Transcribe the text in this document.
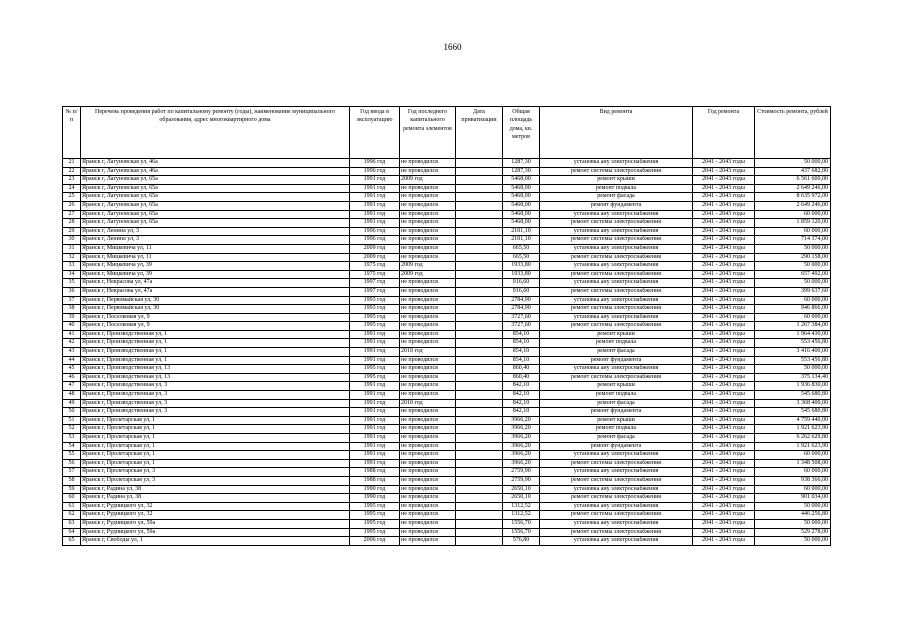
1660
№ п/п	Перечень проведения работ по капитальному ремонту (годы), наименование муниципального образования, адрес многоквартирного дома	Год ввода в эксплуатацию	Год последнего капитального ремонта элементов	Дата приватизации	Общая площадь дома, кв. метров	Вид ремонта	Год ремонта	Стоимость ремонта, рублей
21	Яранск г, Лагуновская ул, 46а	1996 год	не проводился		1287,30	установка аиу электроснабжения	2041 - 2043 годы	50 000,00
22	Яранск г, Лагуновская ул, 46а	1996 год	не проводился		1287,30	ремонт системы электроснабжения	2041 - 2043 годы	437 682,00
23	Яранск г, Лагуновская ул, 65а	1991 год	2009 год		5468,00	ремонт крыши	2041 - 2043 годы	6 561 600,00
24	Яранск г, Лагуновская ул, 65а	1991 год	не проводился		5468,00	ремонт подвала	2041 - 2043 годы	2 649 246,00
25	Яранск г, Лагуновская ул, 65а	1991 год	не проводился		5468,00	ремонт фасада	2041 - 2043 годы	8 635 972,00
26	Яранск г, Лагуновская ул, 65а	1991 год	не проводился		5468,00	ремонт фундамента	2041 - 2043 годы	2 649 246,00
27	Яранск г, Лагуновская ул, 65а	1991 год	не проводился		5468,00	установка аиу электроснабжения	2041 - 2043 годы	60 000,00
28	Яранск г, Лагуновская ул, 65а	1991 год	не проводился		5468,00	ремонт системы электроснабжения	2041 - 2043 годы	1 859 120,00
29	Яранск г, Ленина ул, 3	1996 год	не проводился		2101,10	установка аиу электроснабжения	2041 - 2043 годы	60 000,00
30	Яранск г, Ленина ул, 3	1996 год	не проводился		2101,10	ремонт системы электроснабжения	2041 - 2043 годы	714 374,00
31	Яранск г, Мицкевича ул, 11	2009 год	не проводился		665,50	установка аиу электроснабжения	2041 - 2043 годы	50 000,00
32	Яранск г, Мицкевича ул, 11	2009 год	не проводился		665,50	ремонт системы электроснабжения	2041 - 2043 годы	290 158,00
33	Яранск г, Мицкевича ул, 39	1975 год	2009 год		1933,80	установка аиу электроснабжения	2041 - 2043 годы	50 000,00
34	Яранск г, Мицкевича ул, 39	1975 год	2009 год		1933,80	ремонт системы электроснабжения	2041 - 2043 годы	657 492,00
35	Яранск г, Некрасова ул, 47а	1997 год	не проводился		916,60	установка аиу электроснабжения	2041 - 2043 годы	50 000,00
36	Яранск г, Некрасова ул, 47а	1997 год	не проводился		916,60	ремонт системы электроснабжения	2041 - 2043 годы	399 637,60
37	Яранск г, Первомайская ул, 30	1993 год	не проводился		2784,90	установка аиу электроснабжения	2041 - 2043 годы	60 000,00
38	Яранск г, Первомайская ул, 30	1993 год	не проводился		2784,90	ремонт системы электроснабжения	2041 - 2043 годы	946 866,00
39	Яранск г, Поселковая ул, 9	1995 год	не проводился		3727,60	установка аиу электроснабжения	2041 - 2043 годы	60 000,00
40	Яранск г, Поселковая ул, 9	1995 год	не проводился		3727,60	ремонт системы электроснабжения	2041 - 2043 годы	1 267 384,00
41	Яранск г, Производственная ул, 1	1991 год	не проводился		854,10	ремонт крыши	2041 - 2043 годы	1 964 430,00
42	Яранск г, Производственная ул, 1	1991 год	не проводился		854,10	ремонт подвала	2041 - 2043 годы	553 456,80
43	Яранск г, Производственная ул, 1	1991 год	2010 год		854,10	ремонт фасада	2041 - 2043 годы	3 416 400,00
44	Яранск г, Производственная ул, 1	1991 год	не проводился		854,10	ремонт фундамента	2041 - 2043 годы	553 456,80
45	Яранск г, Производственная ул, 13	1995 год	не проводился		860,40	установка аиу электроснабжения	2041 - 2043 годы	50 000,00
46	Яранск г, Производственная ул, 13	1995 год	не проводился		860,40	ремонт системы электроснабжения	2041 - 2043 годы	375 134,40
47	Яранск г, Производственная ул, 3	1991 год	не проводился		842,10	ремонт крыши	2041 - 2043 годы	1 936 830,00
48	Яранск г, Производственная ул, 3	1991 год	не проводился		842,10	ремонт подвала	2041 - 2043 годы	545 680,80
49	Яранск г, Производственная ул, 3	1991 год	2010 год		842,10	ремонт фасада	2041 - 2043 годы	3 368 400,00
50	Яранск г, Производственная ул, 3	1991 год	не проводился		842,10	ремонт фундамента	2041 - 2043 годы	545 680,80
51	Яранск г, Пролетарская ул, 1	1991 год	не проводился		3966,20	ремонт крыши	2041 - 2043 годы	4 759 440,00
52	Яранск г, Пролетарская ул, 1	1991 год	не проводился		3966,20	ремонт подвала	2041 - 2043 годы	1 921 623,90
53	Яранск г, Пролетарская ул, 1	1991 год	не проводился		3966,20	ремонт фасада	2041 - 2043 годы	6 262 629,80
54	Яранск г, Пролетарская ул, 1	1991 год	не проводился		3966,20	ремонт фундамента	2041 - 2043 годы	1 921 623,90
55	Яранск г, Пролетарская ул, 1	1991 год	не проводился		3966,20	установка аиу электроснабжения	2041 - 2043 годы	60 000,00
56	Яранск г, Пролетарская ул, 1	1991 год	не проводился		3966,20	ремонт системы электроснабжения	2041 - 2043 годы	1 348 508,00
57	Яранск г, Пролетарская ул, 3	1988 год	не проводился		2759,90	установка аиу электроснабжения	2041 - 2043 годы	60 000,00
58	Яранск г, Пролетарская ул, 3	1988 год	не проводился		2759,90	ремонт системы электроснабжения	2041 - 2043 годы	938 366,00
59	Яранск г, Радина ул, 38	1990 год	не проводился		2650,10	установка аиу электроснабжения	2041 - 2043 годы	60 000,00
60	Яранск г, Радина ул, 38	1990 год	не проводился		2650,10	ремонт системы электроснабжения	2041 - 2043 годы	901 034,00
61	Яранск г, Рудницкого ул, 32	1995 год	не проводился		1312,52	установка аиу электроснабжения	2041 - 2043 годы	50 000,00
62	Яранск г, Рудницкого ул, 32	1995 год	не проводился		1312,52	ремонт системы электроснабжения	2041 - 2043 годы	446 256,80
63	Яранск г, Рудницкого ул, 59а	1995 год	не проводился		1556,70	установка аиу электроснабжения	2041 - 2043 годы	50 000,00
64	Яранск г, Рудницкого ул, 59а	1995 год	не проводился		1556,70	ремонт системы электроснабжения	2041 - 2043 годы	529 278,00
65	Яранск г, Свободы ул, 1	2006 год	не проводился		576,80	установка аиу электроснабжения	2041 - 2043 годы	50 000,00
